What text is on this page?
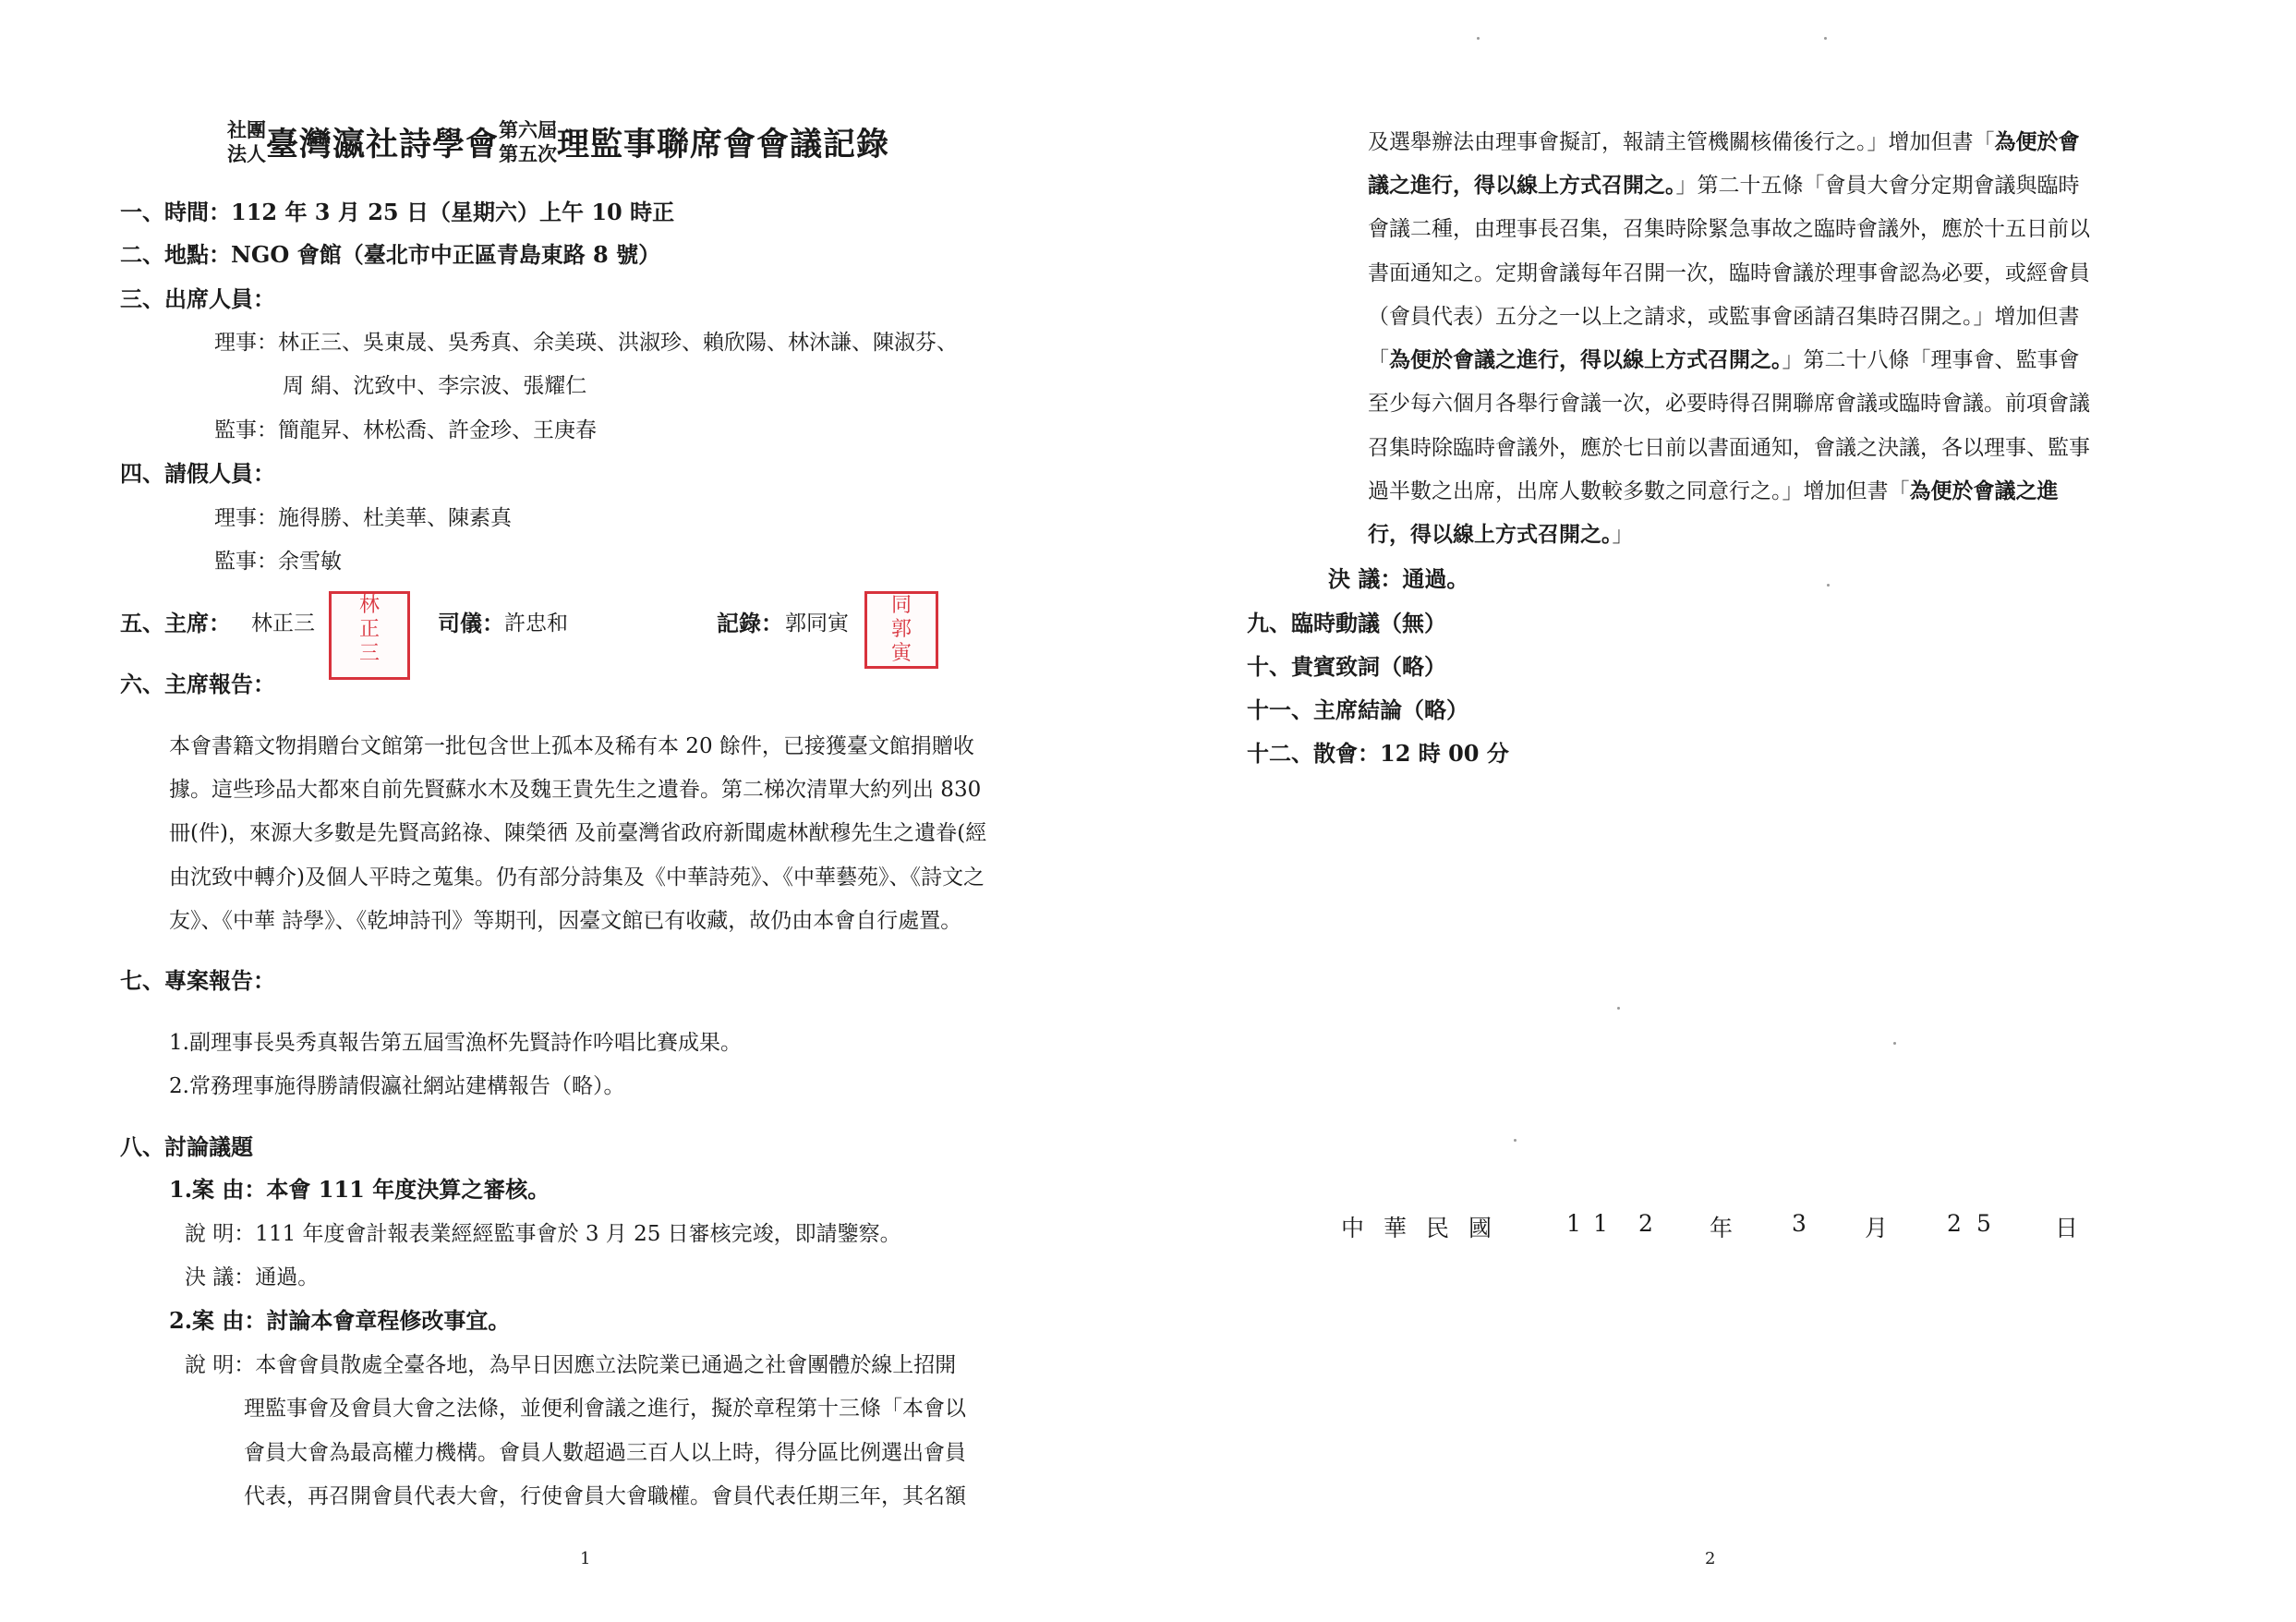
社團
法人 臺灣瀛社詩學會 第六屆
第五次 理監事聯席會會議記錄
一、時間：112 年 3 月 25 日（星期六）上午 10 時正
二、地點：NGO 會館（臺北市中正區青島東路 8 號）
三、出席人員：
理事：林正三、吳東晟、吳秀真、余美瑛、洪淑珍、賴欣陽、林沐謙、陳淑芬、
周 絹、沈致中、李宗波、張耀仁
監事：簡龍昇、林松喬、許金珍、王庚春
四、請假人員：
理事：施得勝、杜美華、陳素真
監事：余雪敏
五、主席： 林正三
林
正
三
司儀： 許忠和	記錄： 郭同寅
同
郭
寅
六、主席報告：
本會書籍文物捐贈台文館第一批包含世上孤本及稀有本 20 餘件，已接獲臺文館捐贈收
據。這些珍品大都來自前先賢蘇水木及魏王貴先生之遺眷。第二梯次清單大約列出 830
冊(件)，來源大多數是先賢高銘祿、陳榮徆 及前臺灣省政府新聞處林猷穆先生之遺眷(經
由沈致中轉介)及個人平時之蒐集。仍有部分詩集及《中華詩苑》、《中華藝苑》、《詩文之
友》、《中華 詩學》、《乾坤詩刊》等期刊，因臺文館已有收藏，故仍由本會自行處置。
七、專案報告：
1.副理事長吳秀真報告第五屆雪漁杯先賢詩作吟唱比賽成果。
2.常務理事施得勝請假瀛社網站建構報告（略）。
八、討論議題
1.案 由：本會 111 年度決算之審核。
說 明：111 年度會計報表業經經監事會於 3 月 25 日審核完竣，即請鑒察。
決 議：通過。
2.案 由：討論本會章程修改事宜。
說 明：本會會員散處全臺各地，為早日因應立法院業已通過之社會團體於線上招開
理監事會及會員大會之法條，並便利會議之進行，擬於章程第十三條「本會以
會員大會為最高權力機構。會員人數超過三百人以上時，得分區比例選出會員
代表，再召開會員代表大會，行使會員大會職權。會員代表任期三年，其名額
1
及選舉辦法由理事會擬訂，報請主管機關核備後行之。」增加但書「為便於會
議之進行，得以線上方式召開之。」第二十五條「會員大會分定期會議與臨時
會議二種，由理事長召集，召集時除緊急事故之臨時會議外，應於十五日前以
書面通知之。定期會議每年召開一次，臨時會議於理事會認為必要，或經會員
（會員代表）五分之一以上之請求，或監事會函請召集時召開之。」增加但書
「為便於會議之進行，得以線上方式召開之。」第二十八條「理事會、監事會
至少每六個月各舉行會議一次，必要時得召開聯席會議或臨時會議。前項會議
召集時除臨時會議外，應於七日前以書面通知，會議之決議，各以理事、監事
過半數之出席，出席人數較多數之同意行之。」增加但書「為便於會議之進
行，得以線上方式召開之。」
決 議：通過。
九、臨時動議（無）
十、貴賓致詞（略）
十一、主席結論（略）
十二、散會：12 時 00 分
中 華 民 國	1 1 2 年	3	月	2 5	日
2
